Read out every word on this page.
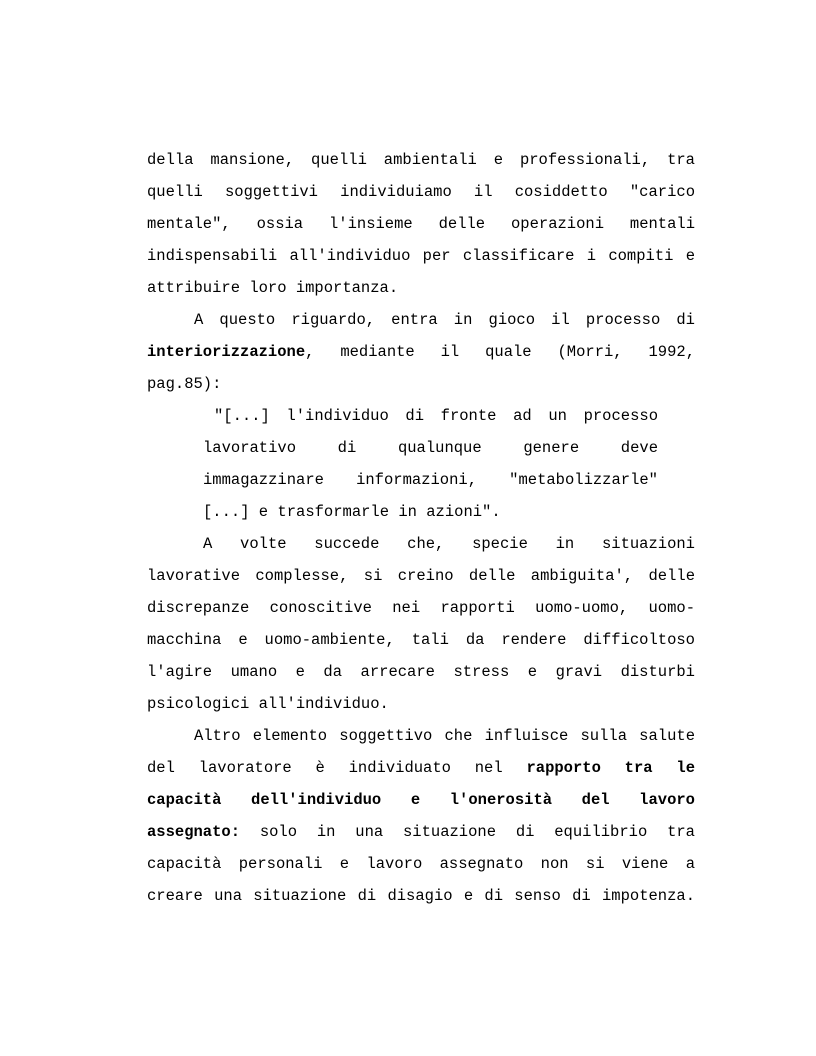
della mansione, quelli ambientali e professionali, tra
quelli soggettivi individuiamo il cosiddetto "carico
mentale", ossia l'insieme delle operazioni mentali
indispensabili all'individuo per classificare i compiti e
attribuire loro importanza.
A questo riguardo, entra in gioco il processo di
interiorizzazione, mediante il quale (Morri, 1992,
pag.85):
"[...] l'individuo di fronte ad un processo
lavorativo di qualunque genere deve
immagazzinare informazioni, "metabolizzarle"
[...] e trasformarle in azioni".
A volte succede che, specie in situazioni
lavorative complesse, si creino delle ambiguita', delle
discrepanze conoscitive nei rapporti uomo-uomo, uomo-
macchina e uomo-ambiente, tali da rendere difficoltoso
l'agire umano e da arrecare stress e gravi disturbi
psicologici all'individuo.
Altro elemento soggettivo che influisce sulla salute
del lavoratore è individuato nel rapporto tra le
capacità dell'individuo e l'onerosità del lavoro
assegnato: solo in una situazione di equilibrio tra
capacità personali e lavoro assegnato non si viene a
creare una situazione di disagio e di senso di impotenza.
